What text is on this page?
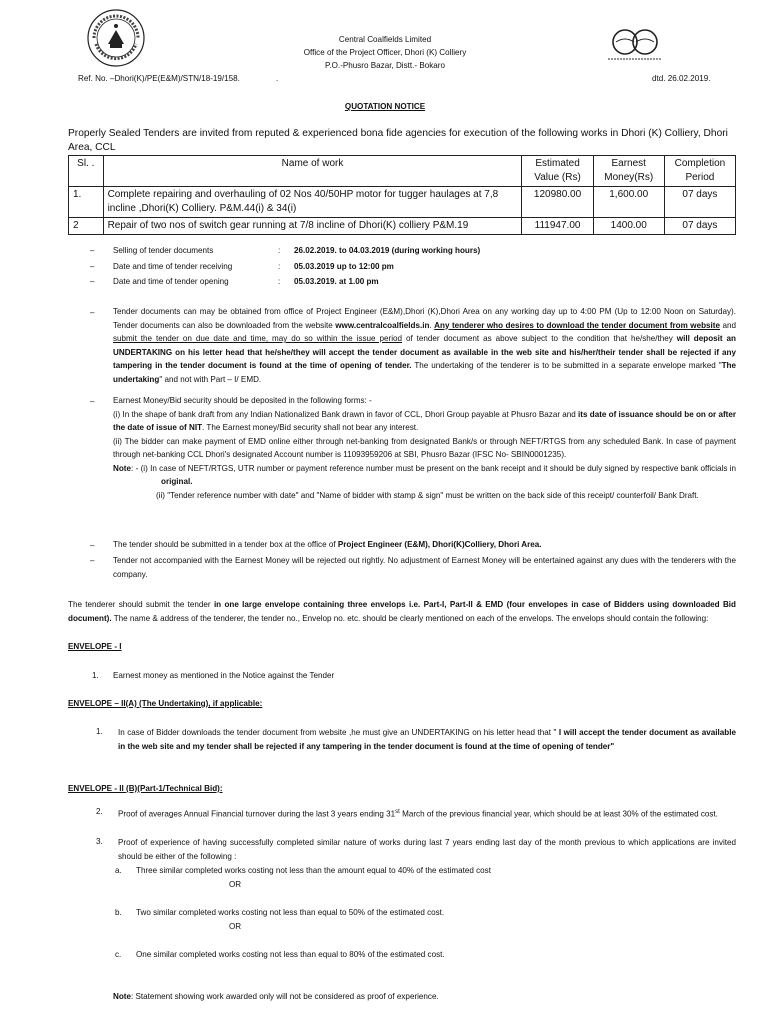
Central Coalfields Limited
Office of the Project Officer, Dhori (K) Colliery
P.O.-Phusro Bazar, Distt.- Bokaro
Ref. No. –Dhori(K)/PE(E&M)/STN/18-19/158.	.	dtd. 26.02.2019.
QUOTATION NOTICE
Properly Sealed Tenders are invited from reputed & experienced bona fide agencies for execution of the following works in Dhori (K) Colliery, Dhori Area, CCL
Sl. .	Name of work	Estimated Value (Rs)	Earnest Money(Rs)	Completion Period
1.	Complete repairing and overhauling of 02 Nos 40/50HP motor for tugger haulages at 7,8 incline ,Dhori(K) Colliery. P&M.44(i) & 34(i)	120980.00	1,600.00	07 days
2	Repair of two nos of switch gear running at 7/8 incline of Dhori(K) colliery P&M.19	111947.00	1400.00	07 days
– Selling of tender documents	: 26.02.2019. to 04.03.2019 (during working hours)
– Date and time of tender receiving	: 05.03.2019 up to 12:00 pm
– Date and time of tender opening	: 05.03.2019. at 1.00 pm
– Tender documents can may be obtained from office of Project Engineer (E&M),Dhori (K),Dhori Area on any working day up to 4:00 PM (Up to 12:00 Noon on Saturday). Tender documents can also be downloaded from the website www.centralcoalfields.in. Any tenderer who desires to download the tender document from website and submit the tender on due date and time, may do so within the issue period of tender document as above subject to the condition that he/she/they will deposit an UNDERTAKING on his letter head that he/she/they will accept the tender document as available in the web site and his/her/their tender shall be rejected if any tampering in the tender document is found at the time of opening of tender. The undertaking of the tenderer is to be submitted in a separate envelope marked "The undertaking" and not with Part – I/ EMD.
– Earnest Money/Bid security should be deposited in the following forms: -
(i) In the shape of bank draft from any Indian Nationalized Bank drawn in favor of CCL, Dhori Group payable at Phusro Bazar and its date of issuance should be on or after the date of issue of NIT. The Earnest money/Bid security shall not bear any interest.
(ii) The bidder can make payment of EMD online either through net-banking from designated Bank/s or through NEFT/RTGS from any scheduled Bank. In case of payment through net-banking CCL Dhori's designated Account number is 11093959206 at SBI, Phusro Bazar (IFSC No- SBIN0001235).
Note: - (i) In case of NEFT/RTGS, UTR number or payment reference number must be present on the bank receipt and it should be duly signed by respective bank officials in original.
(ii) "Tender reference number with date" and "Name of bidder with stamp & sign" must be written on the back side of this receipt/ counterfoil/ Bank Draft.
– The tender should be submitted in a tender box at the office of Project Engineer (E&M), Dhori(K)Colliery, Dhori Area.
– Tender not accompanied with the Earnest Money will be rejected out rightly. No adjustment of Earnest Money will be entertained against any dues with the tenderers with the company.
The tenderer should submit the tender in one large envelope containing three envelops i.e. Part-I, Part-II & EMD (four envelopes in case of Bidders using downloaded Bid document). The name & address of the tenderer, the tender no., Envelop no. etc. should be clearly mentioned on each of the envelops. The envelops should contain the following:
ENVELOPE - I
1. Earnest money as mentioned in the Notice against the Tender
ENVELOPE – II(A) (The Undertaking), if applicable:
1. In case of Bidder downloads the tender document from website ,he must give an UNDERTAKING on his letter head that " I will accept the tender document as available in the web site and my tender shall be rejected if any tampering in the tender document is found at the time of opening of tender"
ENVELOPE - II (B)(Part-1/Technical Bid):
2. Proof of averages Annual Financial turnover during the last 3 years ending 31st March of the previous financial year, which should be at least 30% of the estimated cost.
3. Proof of experience of having successfully completed similar nature of works during last 7 years ending last day of the month previous to which applications are invited should be either of the following :
a. Three similar completed works costing not less than the amount equal to 40% of the estimated cost
OR
b. Two similar completed works costing not less than equal to 50% of the estimated cost.
OR
c. One similar completed works costing not less than equal to 80% of the estimated cost.
Note: Statement showing work awarded only will not be considered as proof of experience.
